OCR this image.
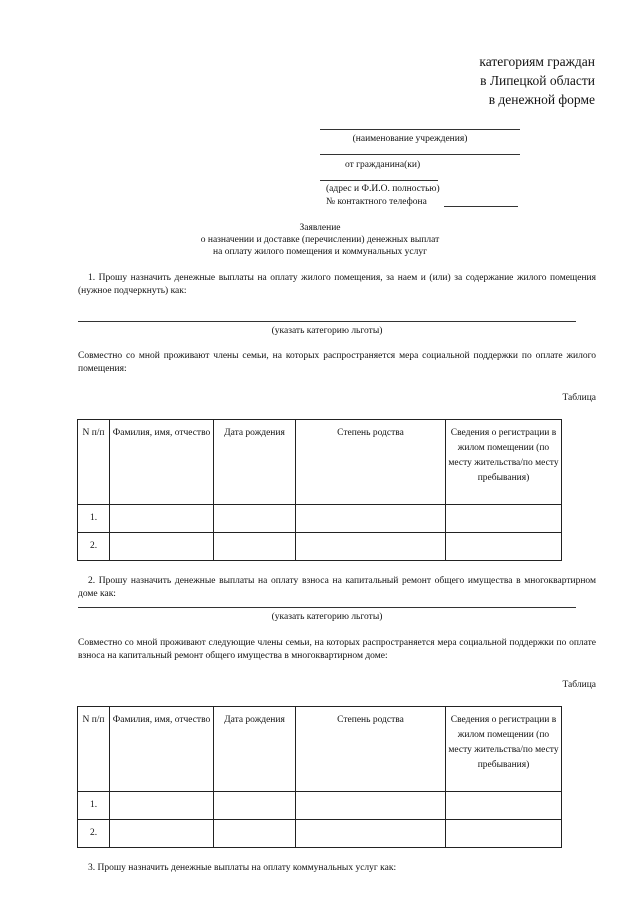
категориям граждан
в Липецкой области
в денежной форме
(наименование учреждения)
от гражданина(ки)
(адрес и Ф.И.О. полностью)
№ контактного телефона
Заявление
о назначении и доставке (перечислении) денежных выплат
на оплату жилого помещения и коммунальных услуг
1. Прошу назначить денежные выплаты на оплату жилого помещения, за наем и (или) за содержание жилого помещения (нужное подчеркнуть) как:
(указать категорию льготы)
Совместно со мной проживают члены семьи, на которых распространяется мера социальной поддержки по оплате жилого помещения:
Таблица
N п/п	Фамилия, имя, отчество	Дата рождения	Степень родства	Сведения о регистрации в жилом помещении (по месту жительства/по месту пребывания)
1.				
2.				
2. Прошу назначить денежные выплаты на оплату взноса на капитальный ремонт общего имущества в многоквартирном доме как:
(указать категорию льготы)
Совместно со мной проживают следующие члены семьи, на которых распространяется мера социальной поддержки по оплате взноса на капитальный ремонт общего имущества в многоквартирном доме:
Таблица
N п/п	Фамилия, имя, отчество	Дата рождения	Степень родства	Сведения о регистрации в жилом помещении (по месту жительства/по месту пребывания)
1.				
2.				
3. Прошу назначить денежные выплаты на оплату коммунальных услуг как:
